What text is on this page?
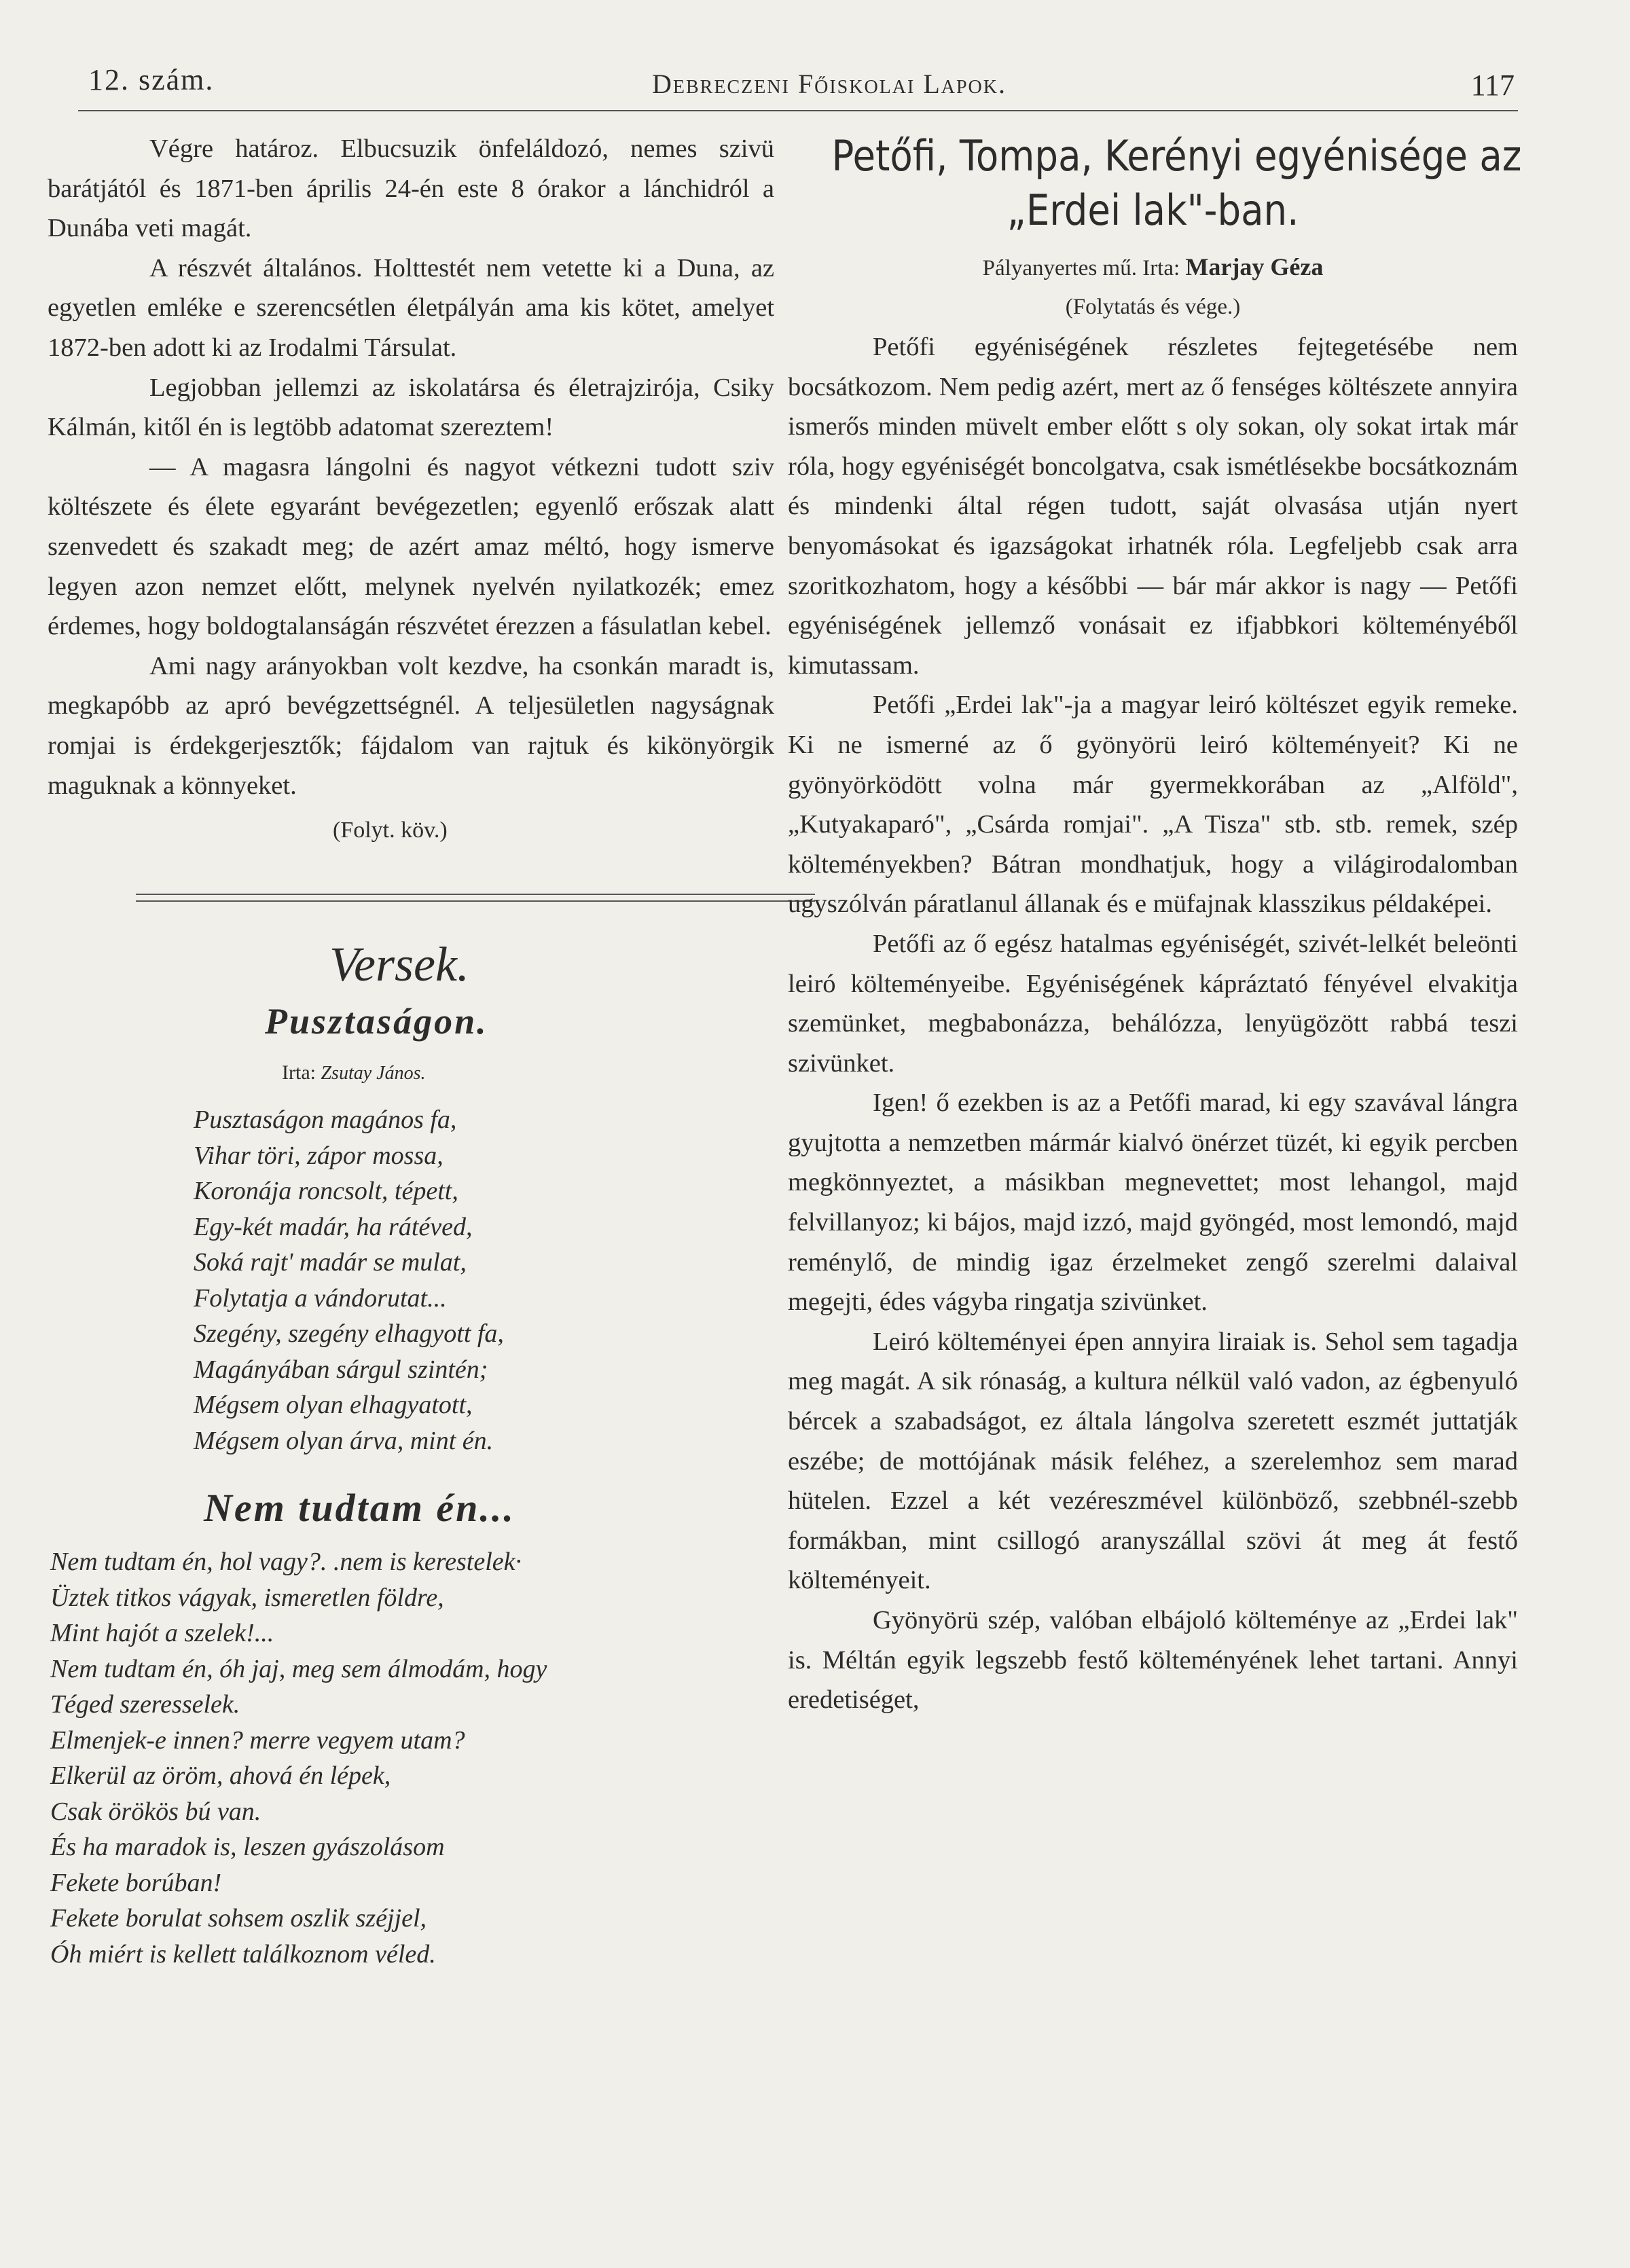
12. szám.	Debreczeni Főiskolai Lapok.	117

Végre határoz. Elbucsuzik önfeláldozó, nemes szivü barátjától és 1871-ben április 24-én este 8 órakor a lánchidról a Dunába veti magát.

A részvét általános. Holttestét nem vetette ki a Duna, az egyetlen emléke e szerencsétlen életpályán ama kis kötet, amelyet 1872-ben adott ki az Irodalmi Társulat.

Legjobban jellemzi az iskolatársa és életrajzirója, Csiky Kálmán, kitől én is legtöbb adatomat szereztem!

— A magasra lángolni és nagyot vétkezni tudott sziv költészete és élete egyaránt bevégezetlen; egyenlő erőszak alatt szenvedett és szakadt meg; de azért amaz méltó, hogy ismerve legyen azon nemzet előtt, melynek nyelvén nyilatkozék; emez érdemes, hogy boldogtalanságán részvétet érezzen a fásulatlan kebel.

Ami nagy arányokban volt kezdve, ha csonkán maradt is, megkapóbb az apró bevégzettségnél. A teljesületlen nagyságnak romjai is érdekgerjesztők; fájdalom van rajtuk és kikönyörgik maguknak a könnyeket.

(Folyt. köv.)
Versek.
Pusztaságon.
Irta: Zsutay János.
Pusztaságon magános fa,
Vihar töri, zápor mossa,
Koronája roncsolt, tépett,
Egy-két madár, ha rátéved,
Soká rajt' madár se mulat,
Folytatja a vándorutat...
Szegény, szegény elhagyott fa,
Magányában sárgul szintén;
Mégsem olyan elhagyatott,
Mégsem olyan árva, mint én.
Nem tudtam én...
Nem tudtam én, hol vagy?. .nem is kerestelek·
Üztek titkos vágyak, ismeretlen földre,
Mint hajót a szelek!...
Nem tudtam én, óh jaj, meg sem álmodám, hogy
Téged szeresselek.
Elmenjek-e innen? merre vegyem utam?
Elkerül az öröm, ahová én lépek,
Csak örökös bú van.
És ha maradok is, leszen gyászolásom
Fekete borúban!
Fekete borulat sohsem oszlik széjjel,
Óh miért is kellett találkoznom véled.
Petőfi, Tompa, Kerényi egyénisége az
„Erdei lak"-ban.
Pályanyertes mű. Irta: Marjay Géza
(Folytatás és vége.)

Petőfi egyéniségének részletes fejtegetésébe nem bocsátkozom. Nem pedig azért, mert az ő fenséges költészete annyira ismerős minden müvelt ember előtt s oly sokan, oly sokat irtak már róla, hogy egyéniségét boncolgatva, csak ismétlésekbe bocsátkoznám és mindenki által régen tudott, saját olvasása utján nyert benyomásokat és igazságokat irhatnék róla. Legfeljebb csak arra szoritkozhatom, hogy a későbbi — bár már akkor is nagy — Petőfi egyéniségének jellemző vonásait ez ifjabbkori költeményéből kimutassam.

Petőfi „Erdei lak"-ja a magyar leiró költészet egyik remeke. Ki ne ismerné az ő gyönyörü leiró költeményeit? Ki ne gyönyörködött volna már gyermekkorában az „Alföld", „Kutyakaparó", „Csárda romjai". „A Tisza" stb. stb. remek, szép költeményekben? Bátran mondhatjuk, hogy a világirodalomban ugyszólván páratlanul állanak és e müfajnak klasszikus példaképei.

Petőfi az ő egész hatalmas egyéniségét, szivét-lelkét beleönti leiró költeményeibe. Egyéniségének kápráztató fényével elvakitja szemünket, megbabonázza, behálózza, lenyügözött rabbá teszi szivünket.

Igen! ő ezekben is az a Petőfi marad, ki egy szavával lángra gyujtotta a nemzetben mármár kialvó önérzet tüzét, ki egyik percben megkönnyeztet, a másikban megnevettet; most lehangol, majd felvillanyoz; ki bájos, majd izzó, majd gyöngéd, most lemondó, majd reménylő, de mindig igaz érzelmeket zengő szerelmi dalaival megejti, édes vágyba ringatja szivünket.

Leiró költeményei épen annyira liraiak is. Sehol sem tagadja meg magát. A sik rónaság, a kultura nélkül való vadon, az égbenyuló bércek a szabadságot, ez általa lángolva szeretett eszmét juttatják eszébe; de mottójának másik feléhez, a szerelemhoz sem marad hütelen. Ezzel a két vezéreszmével különböző, szebbnél-szebb formákban, mint csillogó aranyszállal szövi át meg át festő költeményeit.

Gyönyörü szép, valóban elbájoló költeménye az „Erdei lak" is. Méltán egyik legszebb festő költeményének lehet tartani. Annyi eredetiséget,
